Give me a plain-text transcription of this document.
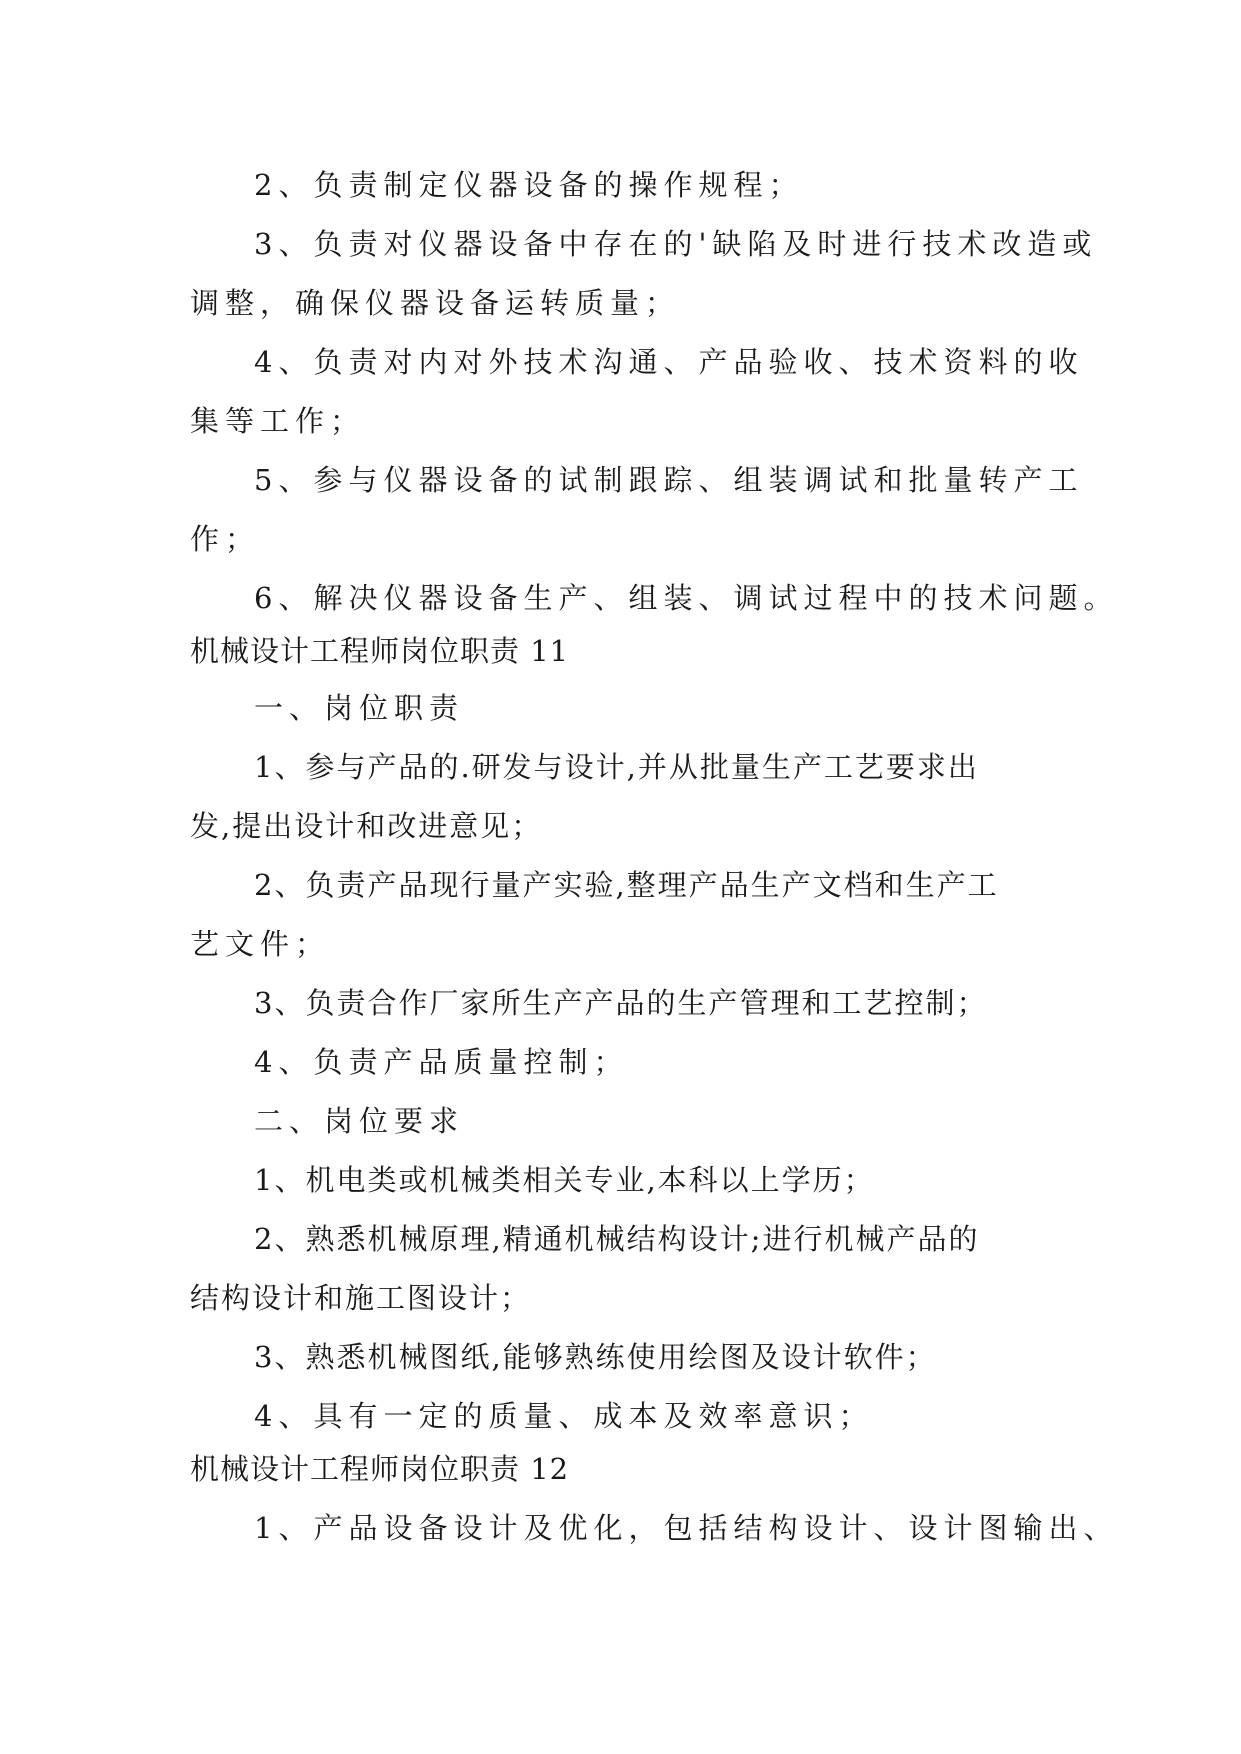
2、负责制定仪器设备的操作规程；
3、负责对仪器设备中存在的'缺陷及时进行技术改造或
调整，确保仪器设备运转质量；
4、负责对内对外技术沟通、产品验收、技术资料的收
集等工作；
5、参与仪器设备的试制跟踪、组装调试和批量转产工
作；
6、解决仪器设备生产、组装、调试过程中的技术问题。
机械设计工程师岗位职责 11
一、岗位职责
1、参与产品的.研发与设计,并从批量生产工艺要求出
发,提出设计和改进意见；
2、负责产品现行量产实验,整理产品生产文档和生产工
艺文件；
3、负责合作厂家所生产产品的生产管理和工艺控制；
4、负责产品质量控制；
二、岗位要求
1、机电类或机械类相关专业,本科以上学历；
2、熟悉机械原理,精通机械结构设计;进行机械产品的
结构设计和施工图设计；
3、熟悉机械图纸,能够熟练使用绘图及设计软件；
4、具有一定的质量、成本及效率意识；
机械设计工程师岗位职责 12
1、产品设备设计及优化，包括结构设计、设计图输出、
